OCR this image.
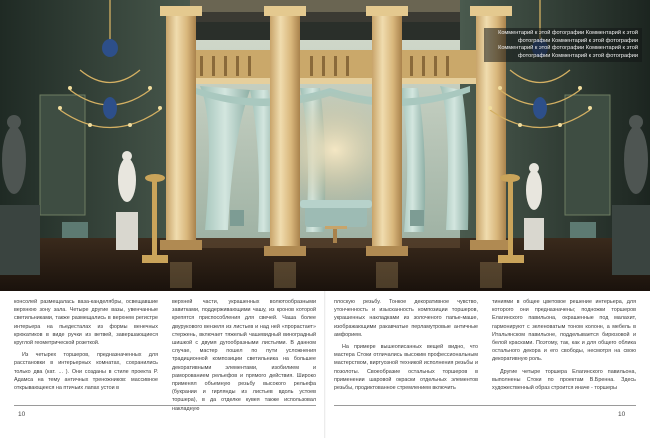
Комментарий к этой фотографии Комментарий к этой фотографии Комментарий к этой фотографии Комментарий к этой фотографии Комментарий к этой фотографии Комментарий к этой фотографии

консолей размещалась ваза-канделябры, освещавшие верхнюю зону зала. Четыре другие вазы, увенчанные светильниками, также размещались в верхнем регистре интерьера на пьедесталах из формы венечных крюкатиков в виде ручки из ветвей, завершающиеся круглой геометрической розеткой.

Из четырех торшеров, предназначенных для расстановки в интерьерных комнатах, сохранились только два (кат. ... ). Они созданы в стиле проекта Р. Адамса на тему античных треножников: массивное открывающееся на птичьих лапах устои в

верхней части, украшенных волютообразными завитками, поддерживающими чашу, из кронов которой крепятся приспособления для свечей. Чаша более двурукового вензеля из листьев и над ней «прорастает» стержень, включает тяжелый чашевидный виноградный шишкой с двумя дугообразными листьями. В данном случае, мастер пошел по пути усложнения традиционной композиции светильника на большее декоративными элементами, изобилием и раморованием рельефов и прямого действия. Широко применял объемную резьбу высокого рельефа (букрании и гирлянды из листьев вдоль устоев торшера), в да отделке кувея также использовал накладную

плоскую резьбу. Тонкое декоративное чувство, утонченность и изысканность композиции торшеров, украшенных накладками из золоченого папье-маше, изображающими ракавчатые перламутровые античные амфорием.

На примере вышеописанных вещей видно, что мастера Стоки отличались высоким профессиональным мастерством, виртуозной техникой исполнения резьбы и позолоты. Своеобразие остальных торшеров в применении шаровой окраски отдельных элементов резьбы, продиктованное стремлением включить

тиниями в общее цветовое решение интерьера, для которого они предназначены; подножки торшеров Елагинского павильона, окрашенные под малахит, гармонируют с зеленоватым тоном колонн, а мебель в Итальянском павильоне, подделывается бирюзовой и белой красками. Поэтому, так, как и для общего облика остального декора и его свободы, несмотря на свою декоративную роль.

Другие четыре торшера Елагинского павильона, выполнены Стоки по проектам В.Бренна. Здесь художественный образ строится иначе - торшеры

10	10
